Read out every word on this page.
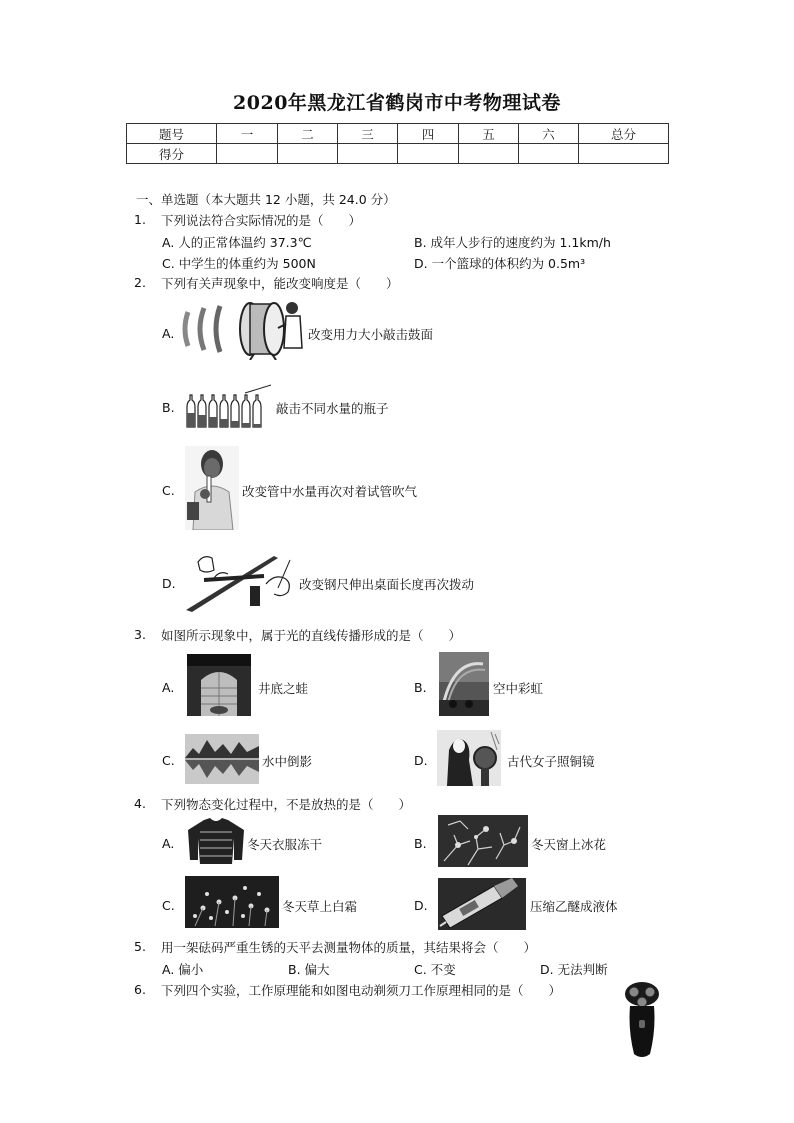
2020年黑龙江省鹤岗市中考物理试卷
题号	一	二	三	四	五	六	总分
得分							
一、单选题（本大题共 12 小题，共 24.0 分）
1. 下列说法符合实际情况的是（　　）
A. 人的正常体温约 37.3℃	B. 成年人步行的速度约为 1.1km/h
C. 中学生的体重约为 500N	D. 一个篮球的体积约为 0.5m³
2. 下列有关声现象中，能改变响度是（　　）
A.	改变用力大小敲击鼓面
B.	敲击不同水量的瓶子
C.	改变管中水量再次对着试管吹气
D.	改变钢尺伸出桌面长度再次拨动
3. 如图所示现象中，属于光的直线传播形成的是（　　）
A.	井底之蛙	B.	空中彩虹
C.	水中倒影	D.	古代女子照铜镜
4. 下列物态变化过程中，不是放热的是（　　）
A.	冬天衣服冻干	B.	冬天窗上冰花
C.	冬天草上白霜	D.	压缩乙醚成液体
5. 用一架砝码严重生锈的天平去测量物体的质量，其结果将会（　　）
A. 偏小	B. 偏大	C. 不变	D. 无法判断
6. 下列四个实验，工作原理能和如图电动剃须刀工作原理相同的是（　　）
